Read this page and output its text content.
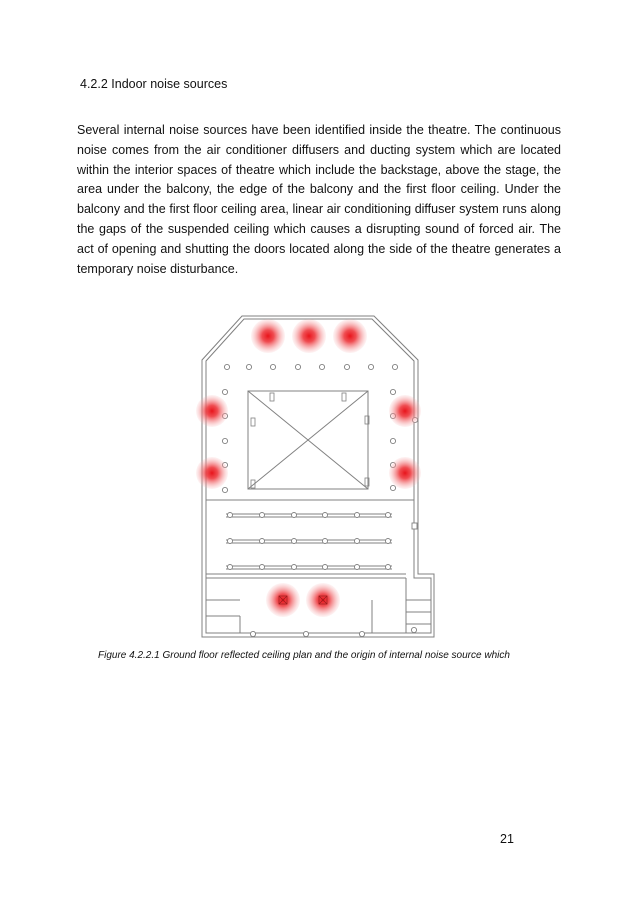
4.2.2 Indoor noise sources

Several internal noise sources have been identified inside the theatre. The continuous noise comes from the air conditioner diffusers and ducting system which are located within the interior spaces of theatre which include the backstage, above the stage, the area under the balcony, the edge of the balcony and the first floor ceiling. Under the balcony and the first floor ceiling area, linear air conditioning diffuser system runs along the gaps of the suspended ceiling which causes a disrupting sound of forced air. The act of opening and shutting the doors located along the side of the theatre generates a temporary noise disturbance.

Figure 4.2.2.1 Ground floor reflected ceiling plan and the origin of internal noise source which

21
